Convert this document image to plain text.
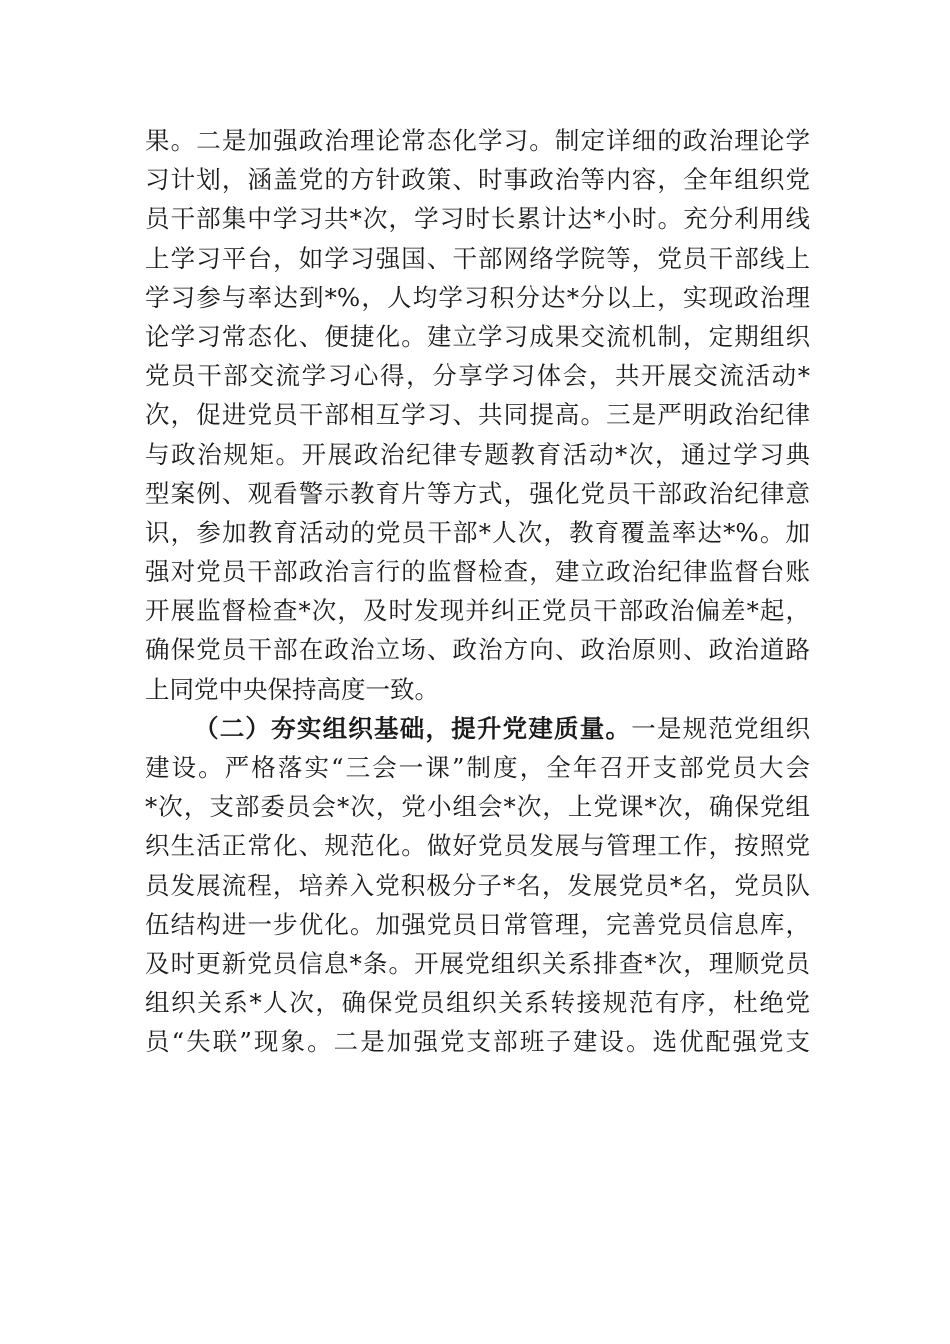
果。二是加强政治理论常态化学习。制定详细的政治理论学
习计划，涵盖党的方针政策、时事政治等内容，全年组织党
员干部集中学习共*次，学习时长累计达*小时。充分利用线
上学习平台，如学习强国、干部网络学院等，党员干部线上
学习参与率达到*%，人均学习积分达*分以上，实现政治理
论学习常态化、便捷化。建立学习成果交流机制，定期组织
党员干部交流学习心得，分享学习体会，共开展交流活动*
次，促进党员干部相互学习、共同提高。三是严明政治纪律
与政治规矩。开展政治纪律专题教育活动*次，通过学习典
型案例、观看警示教育片等方式，强化党员干部政治纪律意
识，参加教育活动的党员干部*人次，教育覆盖率达*%。加
强对党员干部政治言行的监督检查，建立政治纪律监督台账
开展监督检查*次，及时发现并纠正党员干部政治偏差*起，
确保党员干部在政治立场、政治方向、政治原则、政治道路
上同党中央保持高度一致。
（二）夯实组织基础，提升党建质量。一是规范党组织
建设。严格落实“三会一课”制度，全年召开支部党员大会
*次，支部委员会*次，党小组会*次，上党课*次，确保党组
织生活正常化、规范化。做好党员发展与管理工作，按照党
员发展流程，培养入党积极分子*名，发展党员*名，党员队
伍结构进一步优化。加强党员日常管理，完善党员信息库，
及时更新党员信息*条。开展党组织关系排查*次，理顺党员
组织关系*人次，确保党员组织关系转接规范有序，杜绝党
员“失联”现象。二是加强党支部班子建设。选优配强党支
